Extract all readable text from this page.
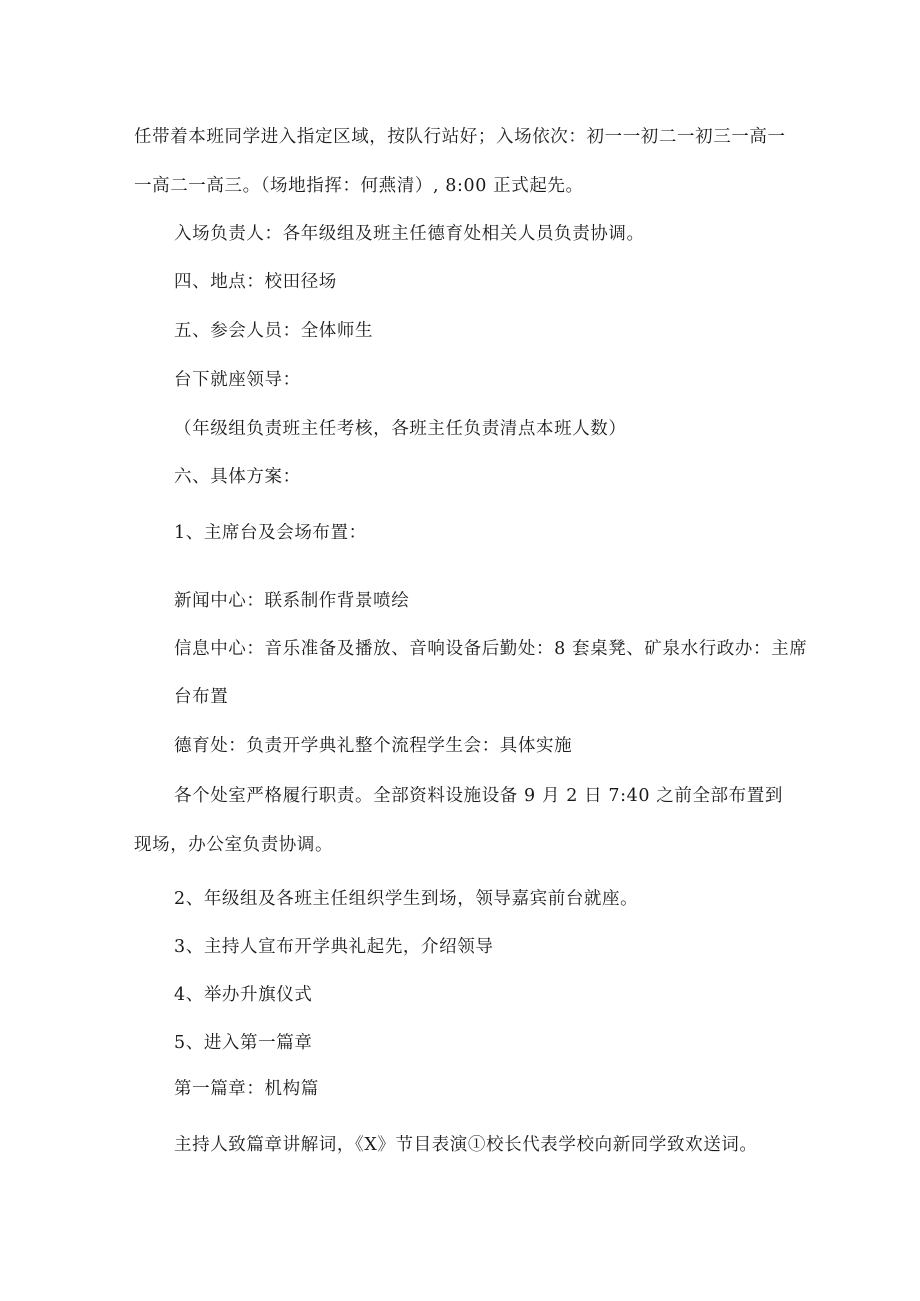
任带着本班同学进入指定区域，按队行站好；入场依次：初一一初二一初三一高一
一高二一高三。（场地指挥：何燕清）, 8:00 正式起先。
入场负责人：各年级组及班主任德育处相关人员负责协调。
四、地点：校田径场
五、参会人员：全体师生
台下就座领导：
（年级组负责班主任考核，各班主任负责清点本班人数）
六、具体方案：
1、主席台及会场布置：
新闻中心：联系制作背景喷绘
信息中心：音乐准备及播放、音响设备后勤处：8 套桌凳、矿泉水行政办：主席
台布置
德育处：负责开学典礼整个流程学生会：具体实施
各个处室严格履行职责。全部资料设施设备 9 月 2 日 7:40 之前全部布置到
现场，办公室负责协调。
2、年级组及各班主任组织学生到场，领导嘉宾前台就座。
3、主持人宣布开学典礼起先，介绍领导
4、举办升旗仪式
5、进入第一篇章
第一篇章：机构篇
主持人致篇章讲解词，《X》节目表演①校长代表学校向新同学致欢送词。
